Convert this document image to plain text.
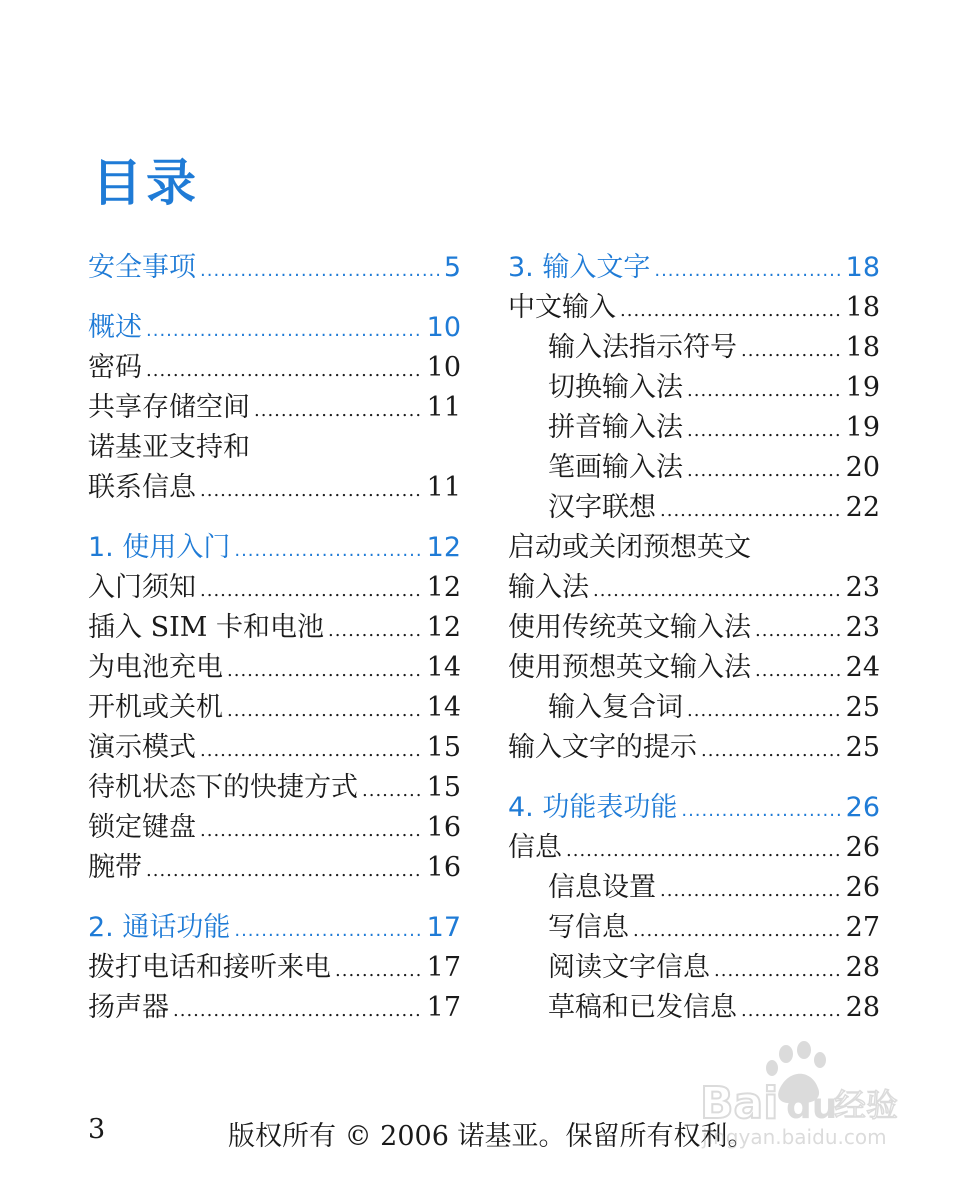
目录
安全事项 .....	5
概述 .....	10
密码 .....	10
共享存储空间 .....	11
诺基亚支持和
联系信息 .....	11
1. 使用入门 .....	12
入门须知 .....	12
插入 SIM 卡和电池 .....	12
为电池充电 .....	14
开机或关机 .....	14
演示模式 .....	15
待机状态下的快捷方式 .....	15
锁定键盘 .....	16
腕带 .....	16
2. 通话功能 .....	17
拨打电话和接听来电 .....	17
扬声器 .....	17
3. 输入文字 .....	18
中文输入 .....	18
输入法指示符号 .....	18
切换输入法 .....	19
拼音输入法 .....	19
笔画输入法 .....	20
汉字联想 .....	22
启动或关闭预想英文
输入法 .....	23
使用传统英文输入法 .....	23
使用预想英文输入法 .....	24
输入复合词 .....	25
输入文字的提示 .....	25
4. 功能表功能 .....	26
信息 .....	26
信息设置 .....	26
写信息 .....	27
阅读文字信息 .....	28
草稿和已发信息 .....	28
3	版权所有 © 2006 诺基亚。保留所有权利。
Bai du
经验
jingyan.baidu.com
